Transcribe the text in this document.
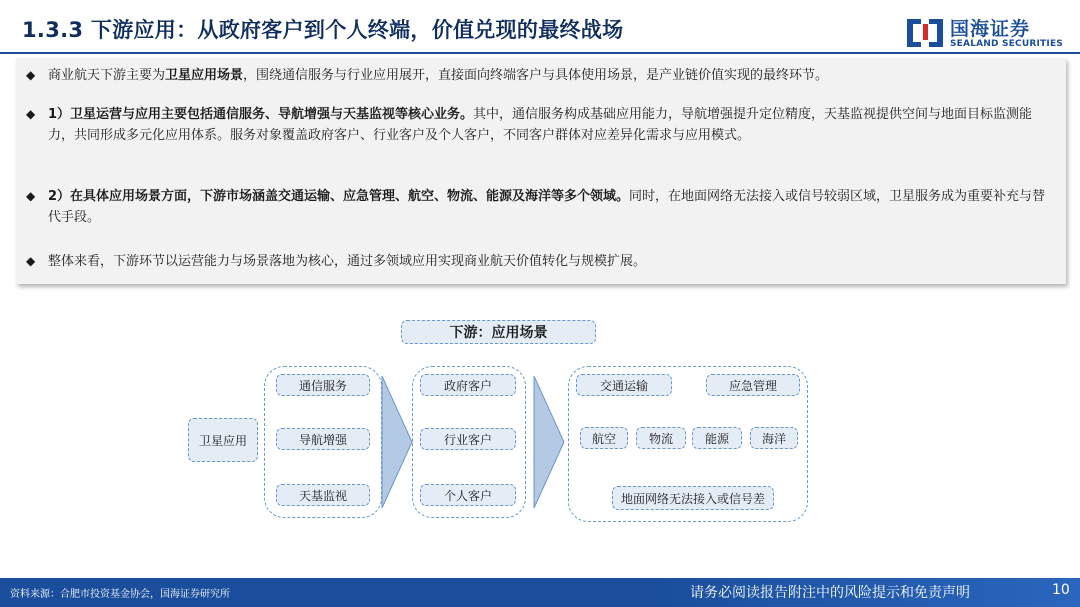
1.3.3 下游应用：从政府客户到个人终端，价值兑现的最终战场	国海证券
SEALAND SECURITIES
◆ 商业航天下游主要为卫星应用场景，围绕通信服务与行业应用展开，直接面向终端客户与具体使用场景，是产业链价值实现的最终环节。
◆ 1）卫星运营与应用主要包括通信服务、导航增强与天基监视等核心业务。其中，通信服务构成基础应用能力，导航增强提升定位精度，天基监视提供空间与地面目标监测能力，共同形成多元化应用体系。服务对象覆盖政府客户、行业客户及个人客户，不同客户群体对应差异化需求与应用模式。
◆ 2）在具体应用场景方面，下游市场涵盖交通运输、应急管理、航空、物流、能源及海洋等多个领域。同时，在地面网络无法接入或信号较弱区域，卫星服务成为重要补充与替代手段。
◆ 整体来看，下游环节以运营能力与场景落地为核心，通过多领域应用实现商业航天价值转化与规模扩展。
下游：应用场景
卫星应用
通信服务
导航增强
天基监视
政府客户
行业客户
个人客户
交通运输	应急管理
航空	物流	能源	海洋
地面网络无法接入或信号差
资料来源：合肥市投资基金协会，国海证券研究所	请务必阅读报告附注中的风险提示和免责声明	10
